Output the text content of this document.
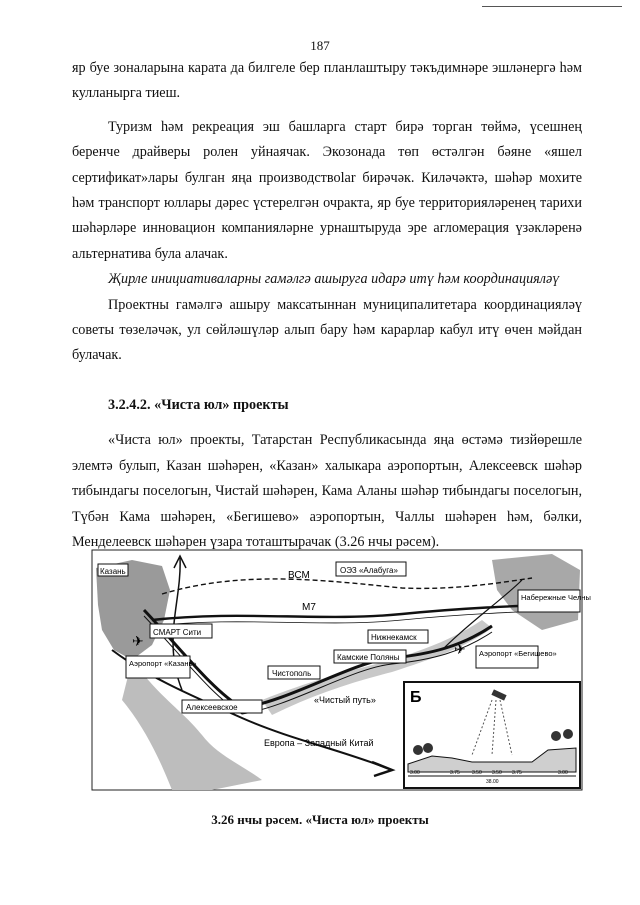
187

яр буе зоналарына карата да билгеле бер планлаштыру тәкъдимнәре эшләнергә һәм кулланырга тиеш.

Туризм һәм рекреация эш башларга старт бирә торган төймә, үсешнең беренче драйверы ролен уйнаячак. Экозонада төп өстәлгән бәяне «яшел сертификат»лары булган яңа производствolar бирәчәк. Киләчәктә, шәһәр мохите һәм транспорт юллары дәрес үстерелгән очракта, яр буе территорияләренең тарихи шәһәрләре инновацион компанияләрне урнаштыруда эре агломерация үзәкләренә альтернатива була алачак.

Җирле инициативаларны гамәлгә ашыруга идарә итү һәм координацияләү

Проектны гамәлгә ашыру максатыннан муниципалитетара координацияләү советы төзеләчәк, ул сөйләшүләр алып бару һәм карарлар кабул итү өчен мәйдан булачак.

3.2.4.2. «Чиста юл» проекты

«Чиста юл» проекты, Татарстан Республикасында яңа өстәмә тизйөрешле элемтә булып, Казан шәһәрен, «Казан» халыкара аэропортын, Алексеевск шәһәр тибындагы поселогын, Чистай шәһәрен, Кама Аланы шәһәр тибындагы поселогын, Түбән Кама шәһәрен, «Бегишево» аэропортын, Чаллы шәһәрен һәм, бәлки, Менделеевск шәһәрен үзара тоташтырачак (3.26 нчы рәсем).

ВСМ
М7
ОЭЗ «Алабуга»
Казань
СМАРТ Сити
Аэропорт «Казань»
Чистополь
Алексеевское
Нижнекамск
Камские Поляны
«Чистый путь»
Набережные Челны
Аэропорт «Бегишево»
Европа – Западный Китай
✈	✈
Б
3.00	3.75 3.50 3.50 3.75	3.00
38.00
3.26 нчы рәсем. «Чиста юл» проекты
